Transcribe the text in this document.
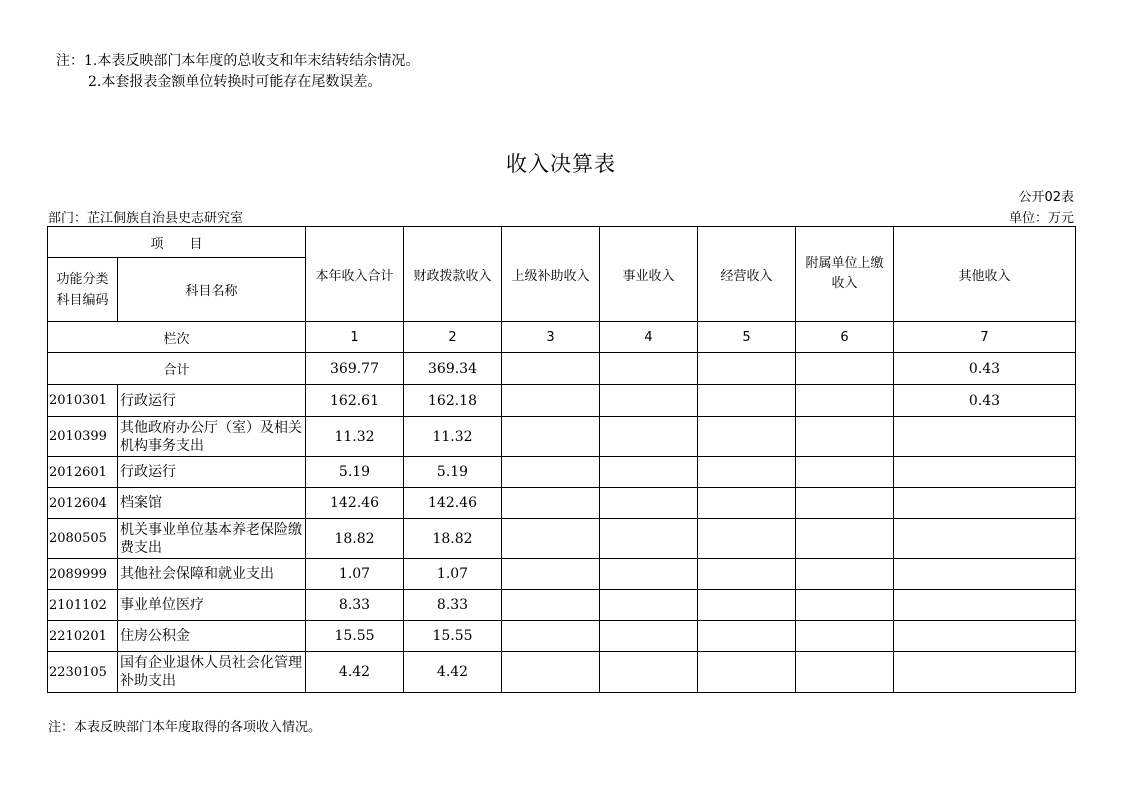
注：1.本表反映部门本年度的总收支和年末结转结余情况。
2.本套报表金额单位转换时可能存在尾数误差。
收入决算表
公开02表
部门：芷江侗族自治县史志研究室	单位：万元
项　　目		本年收入合计	财政拨款收入	上级补助收入	事业收入	经营收入	附属单位上缴收入	其他收入
功能分类科目编码	科目名称							
栏次		1	2	3	4	5	6	7
合计		369.77	369.34					0.43
2010301	行政运行	162.61	162.18					0.43
2010399	其他政府办公厅（室）及相关机构事务支出	11.32	11.32					
2012601	行政运行	5.19	5.19					
2012604	档案馆	142.46	142.46					
2080505	机关事业单位基本养老保险缴费支出	18.82	18.82					
2089999	其他社会保障和就业支出	1.07	1.07					
2101102	事业单位医疗	8.33	8.33					
2210201	住房公积金	15.55	15.55					
2230105	国有企业退休人员社会化管理补助支出	4.42	4.42					
注：本表反映部门本年度取得的各项收入情况。
